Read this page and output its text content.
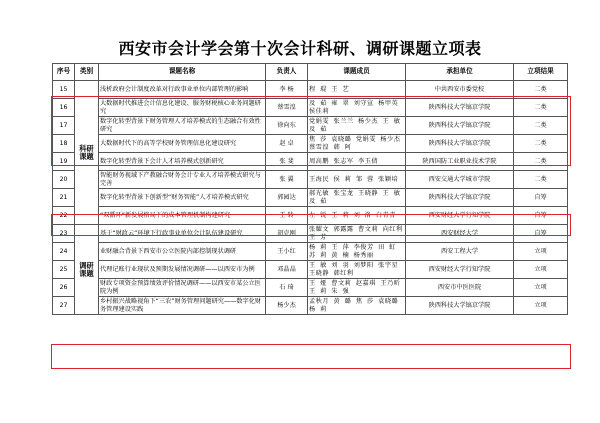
西安市会计学会第十次会计科研、调研课题立项表
序号	类别	课题名称	负责人	课题成员	承担单位	立项结果
15	科研课题	浅析政府会计制度改革对行政事业单位内部管理的影响	李 杨	程 琨 王 艺	中共西安市委党校	二类
16		大数据时代推进会计信息化建设、服务财税核心业务问题研究	蔡雪湟	及 茹 雍 翠 刘守宣 杨甲英 侯佳莉	陕西科技大学镐京学院	二类
17		数字化转型背景下财务管理人才培养模式的生态融合有效性研究	徐向东	党娟雯 张兰兰 杨少杰 王 敏 及 茹	陕西科技大学镐京学院	二类
18		大数据时代下的高等学校财务管理信息化建设研究	赵 卓	焦 莎 袁晓璐 党娟雯 杨少杰 蔡雪湟 韩 阿	陕西科技大学镐京学院	二类
19		数字化转型背景下会计人才培养模式创新研究	张 斐	周高鹏 张志军 李玉倩	陕西国防工业职业技术学院	二类
20		智能财务视域下产教融合财务会计专业人才培养模式研究与完善	张 翼	王海民 侯 莉 邹 蓉 张颖培	西安交通大学城市学院	二类
21		数字化转型背景下创新型“财务智能”人才培养模式研究	郭园达	郝光敏 张宝龙 王晓静 王 敏 及 茹	陕西科技大学镐京学院	自筹
22		“双循环”新发展格局下的成本管理机制构建研究	王 转	左 锐 王 莉 刘 洛 白青青	西安财经大学行知学院	自筹
23	调研课题	基于“财政云”环境下行政事业单位会计队伍建设研究	胡克刚	张耀文 郭露露 曹文莉 向红利 王 芳	西安财经大学	自筹
24		业财融合背景下西安市公立医院内部控制现状调研	王小红	杨 莉 王 萍 李俊芳 田 虹 苏 莉 黄 楠 杨秀丽	西安工程大学	立项
25		代理记账行业现状及预期发展情况调研——以西安市为例	邓晶晶	王 敏 刘 羽 刘梦阳 张宇星 王晓静 韩红利	西安财经大学行知学院	立项
26		财政专项资金预算绩效评价情况调研——以西安市某公立医院为例	石 琦	王 娅 曹文莉 赵嘉琪 王乃昕 王 莉 朱 强	西安市中医医院	立项
27		乡村振兴战略视角下“三农”财务管理问题研究——数字化财务管理建设实践	杨少杰	孟秋月 黄 璐 焦 莎 袁晓璐 杨 莉	陕西科技大学镐京学院	立项
